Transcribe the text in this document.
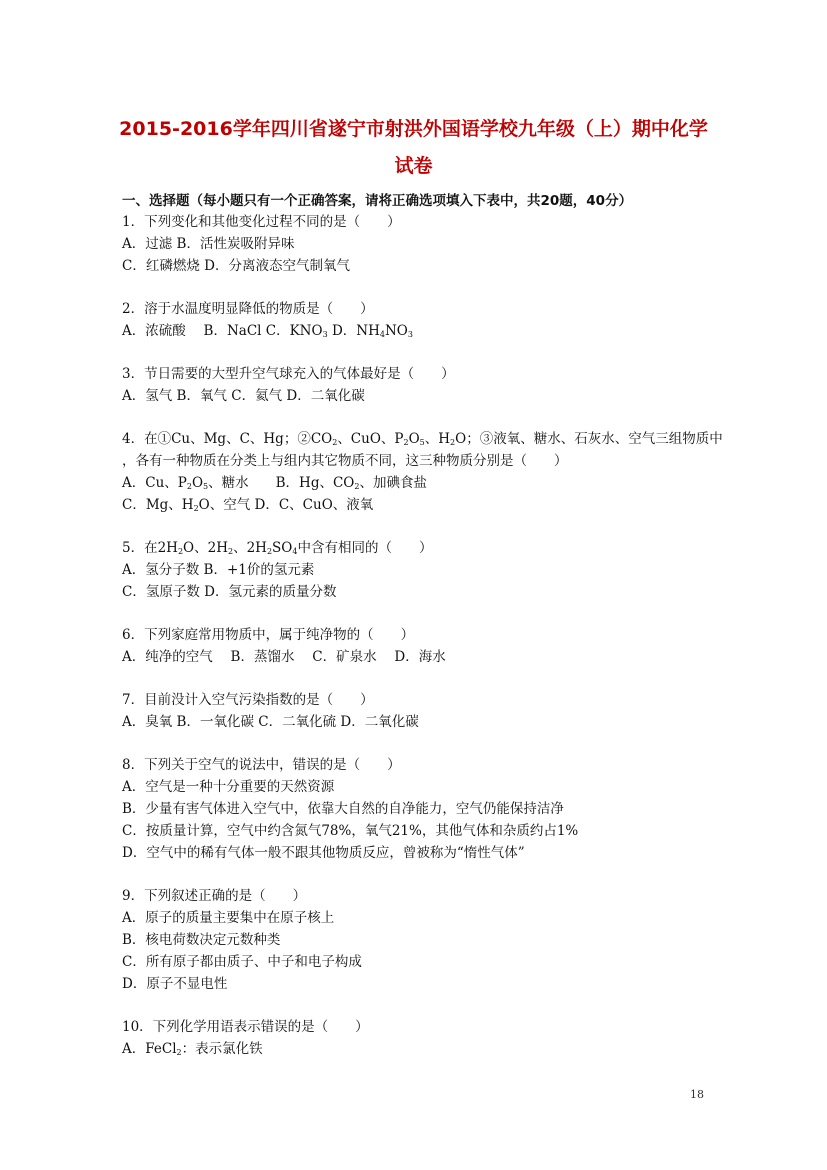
2015-2016学年四川省遂宁市射洪外国语学校九年级（上）期中化学
试卷
一、选择题（每小题只有一个正确答案，请将正确选项填入下表中，共20题，40分）
1．下列变化和其他变化过程不同的是（　　）
A．过滤 B．活性炭吸附异味
C．红磷燃烧 D．分离液态空气制氧气
2．溶于水温度明显降低的物质是（　　）
A．浓硫酸　 B．NaCl C．$KNO_3$ D．$NH_4NO_3$
3．节日需要的大型升空气球充入的气体最好是（　　）
A．氢气 B．氧气 C．氦气 D．二氧化碳
4．在①Cu、Mg、C、Hg；$②CO_2$、CuO、$P_2O_5$、$H_2O$；③液氧、糖水、石灰水、空气三组物质中
，各有一种物质在分类上与组内其它物质不同，这三种物质分别是（　　）
A．Cu、$P_2O_5$、糖水　　B．Hg、$CO_2$、加碘食盐
C．Mg、$H_2O$、空气 D．C、CuO、液氧
5．在$2H_2O$、$2H_2$、$2H_2SO_4$中含有相同的（　　）
A．氢分子数 B．+1价的氢元素
C．氢原子数 D．氢元素的质量分数
6．下列家庭常用物质中，属于纯净物的（　　）
A．纯净的空气　 B．蒸馏水　 C．矿泉水　 D．海水
7．目前没计入空气污染指数的是（　　）
A．臭氧 B．一氧化碳 C．二氧化硫 D．二氧化碳
8．下列关于空气的说法中，错误的是（　　）
A．空气是一种十分重要的天然资源
B．少量有害气体进入空气中，依靠大自然的自净能力，空气仍能保持洁净
C．按质量计算，空气中约含氮气78%，氧气21%，其他气体和杂质约占1%
D．空气中的稀有气体一般不跟其他物质反应，曾被称为“惰性气体”
9．下列叙述正确的是（　　）
A．原子的质量主要集中在原子核上
B．核电荷数决定元数种类
C．所有原子都由质子、中子和电子构成
D．原子不显电性
10．下列化学用语表示错误的是（　　）
A．FeCl$_2$：表示氯化铁
18
